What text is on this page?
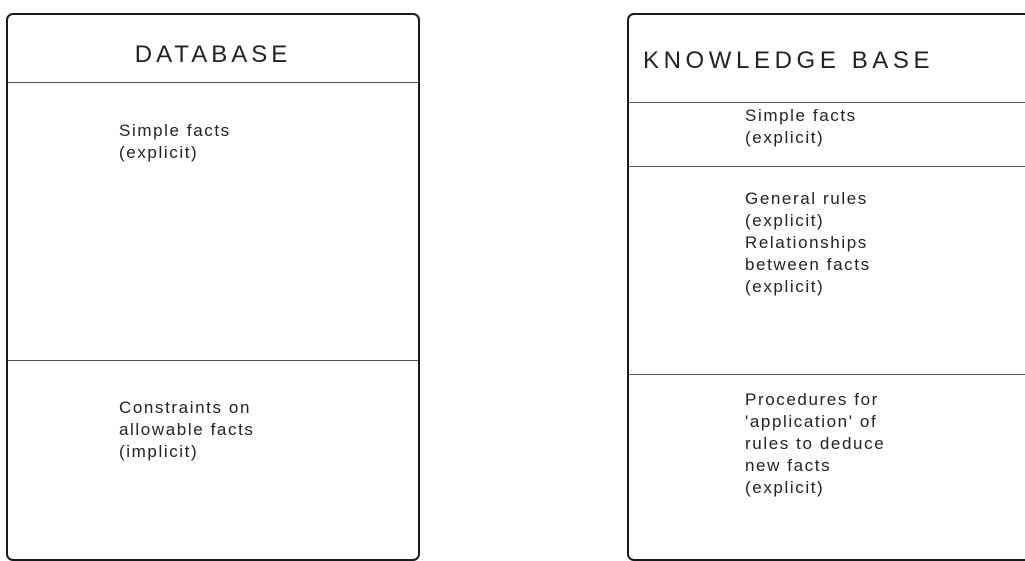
DATABASE
Simple facts
(explicit)
Constraints on
allowable facts
(implicit)
KNOWLEDGE BASE
Simple facts
(explicit)
General rules
(explicit)
Relationships
between facts
(explicit)
Procedures for
'application' of
rules to deduce
new facts
(explicit)
